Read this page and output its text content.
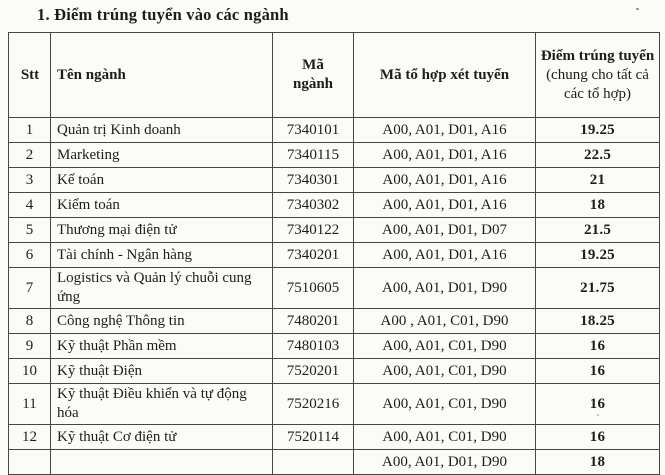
1. Điểm trúng tuyển vào các ngành
Stt	Tên ngành	Mã ngành	Mã tổ hợp xét tuyển	Điểm trúng tuyển (chung cho tất cả các tổ hợp)
1	Quản trị Kinh doanh	7340101	A00, A01, D01, A16	19.25
2	Marketing	7340115	A00, A01, D01, A16	22.5
3	Kế toán	7340301	A00, A01, D01, A16	21
4	Kiểm toán	7340302	A00, A01, D01, A16	18
5	Thương mại điện tử	7340122	A00, A01, D01, D07	21.5
6	Tài chính - Ngân hàng	7340201	A00, A01, D01, A16	19.25
7	Logistics và Quản lý chuỗi cung ứng	7510605	A00, A01, D01, D90	21.75
8	Công nghệ Thông tin	7480201	A00 , A01, C01, D90	18.25
9	Kỹ thuật Phần mềm	7480103	A00, A01, C01, D90	16
10	Kỹ thuật Điện	7520201	A00, A01, C01, D90	16
11	Kỹ thuật Điều khiển và tự động hóa	7520216	A00, A01, C01, D90	16
12	Kỹ thuật Cơ điện tử	7520114	A00, A01, C01, D90	16
			A00, A01, D01, D90	18
